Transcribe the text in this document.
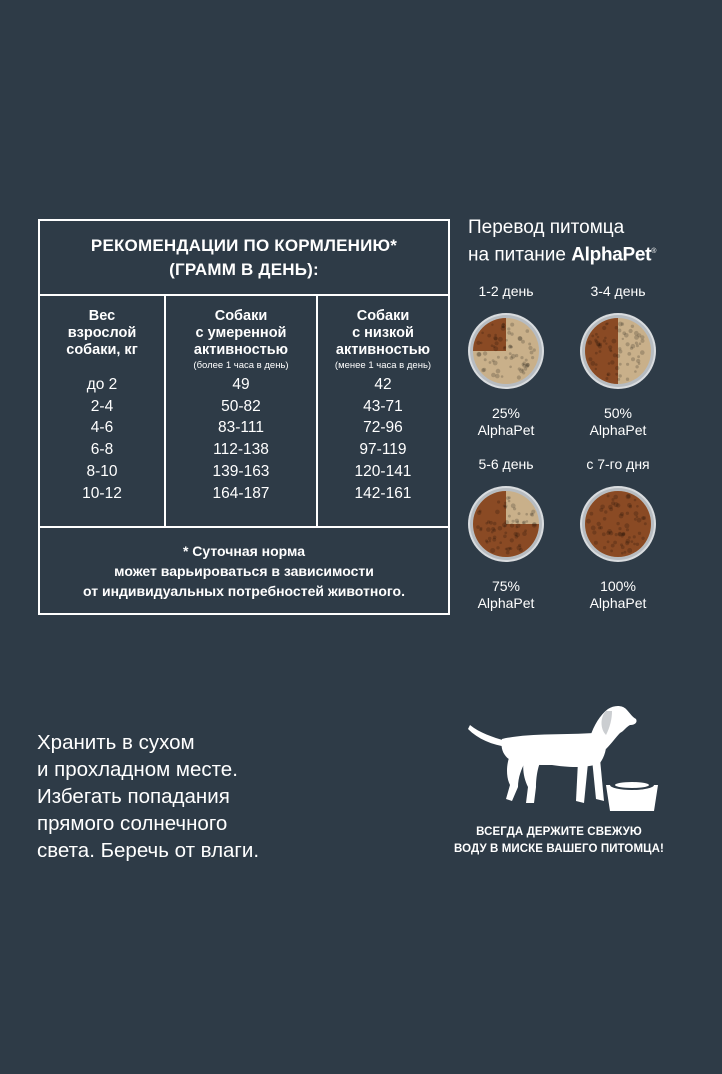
РЕКОМЕНДАЦИИ ПО КОРМЛЕНИЮ*
(ГРАММ В ДЕНЬ):
Вес
взрослой
собаки, кг
до 2
2-4
4-6
6-8
8-10
10-12
Собаки
с умеренной
активностью
(более 1 часа в день)
49
50-82
83-111
112-138
139-163
164-187
Собаки
с низкой
активностью
(менее 1 часа в день)
42
43-71
72-96
97-119
120-141
142-161
* Суточная норма
может варьироваться в зависимости
от индивидуальных потребностей животного.
Перевод питомца
на питание AlphaPet®
1-2 день
25%
AlphaPet
3-4 день
50%
AlphaPet
5-6 день
75%
AlphaPet
с 7-го дня
100%
AlphaPet
Хранить в сухом
и прохладном месте.
Избегать попадания
прямого солнечного
света. Беречь от влаги.
ВСЕГДА ДЕРЖИТЕ СВЕЖУЮ
ВОДУ В МИСКЕ ВАШЕГО ПИТОМЦА!
